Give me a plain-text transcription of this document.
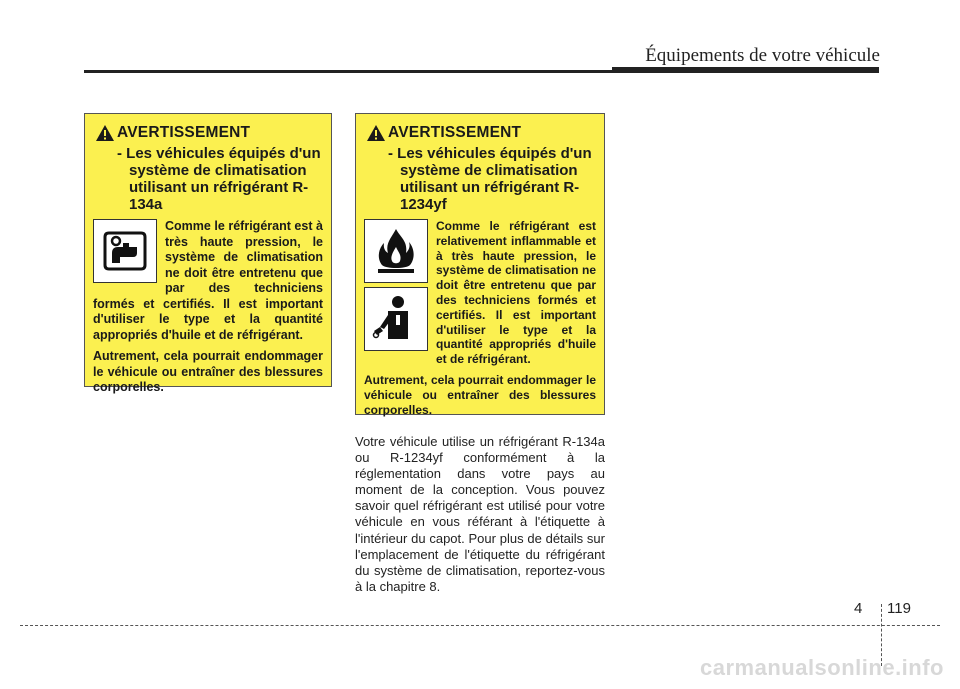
Équipements de votre véhicule
AVERTISSEMENT
- Les véhicules équipés d'un système de climatisation utilisant un réfrigérant R-134a

Comme le réfrigérant est à très haute pression, le système de climatisation ne doit être entretenu que par des techniciens formés et certifiés. Il est important d'utiliser le type et la quantité appropriés d'huile et de réfrigérant.

Autrement, cela pourrait endommager le véhicule ou entraîner des blessures corporelles.

AVERTISSEMENT
- Les véhicules équipés d'un système de climatisation utilisant un réfrigérant R-1234yf

Comme le réfrigérant est relativement inflammable et à très haute pression, le système de climatisation ne doit être entretenu que par des techniciens formés et certifiés. Il est important d'utiliser le type et la quantité appropriés d'huile et de réfrigérant.

Autrement, cela pourrait endommager le véhicule ou entraîner des blessures corporelles.

Votre véhicule utilise un réfrigérant R-134a ou R-1234yf conformément à la réglementation dans votre pays au moment de la conception. Vous pouvez savoir quel réfrigérant est utilisé pour votre véhicule en vous référant à l'étiquette à l'intérieur du capot. Pour plus de détails sur l'emplacement de l'étiquette du réfrigérant du système de climatisation, reportez-vous à la chapitre 8.

4 119
carmanualsonline.info
